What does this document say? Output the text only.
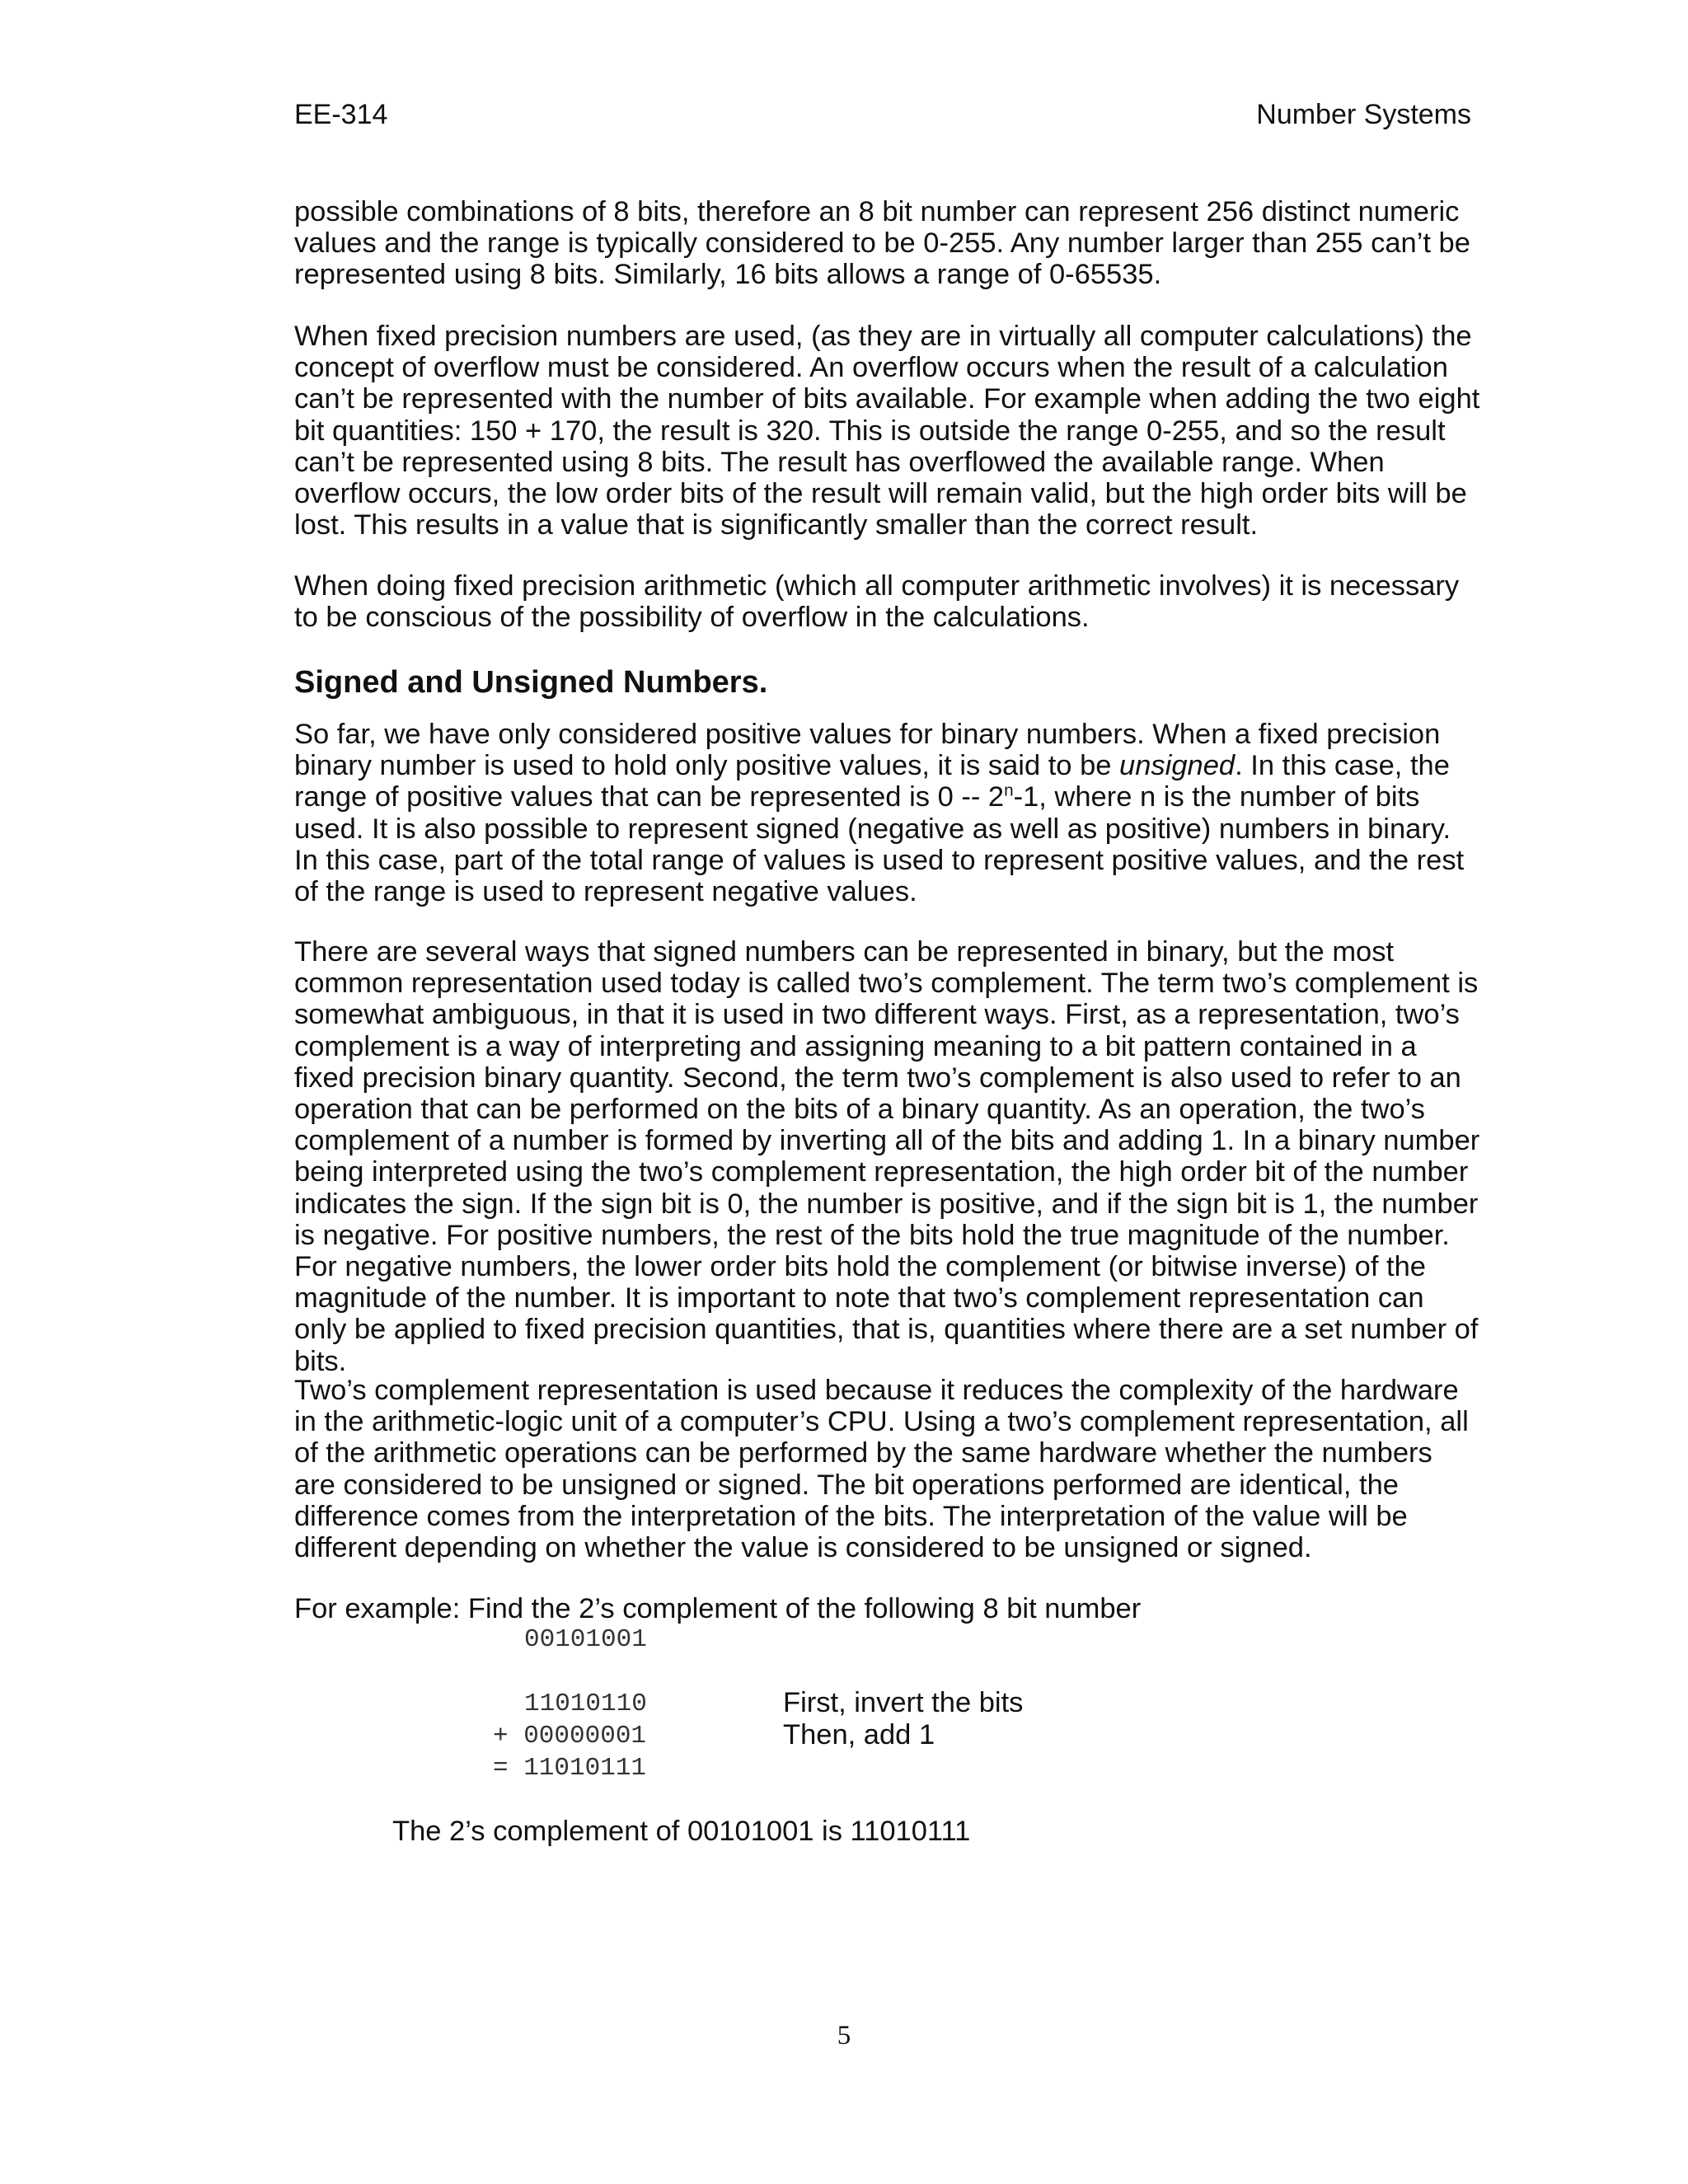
EE-314	Number Systems

possible combinations of 8 bits, therefore an 8 bit number can represent 256 distinct numeric values and the range is typically considered to be 0-255. Any number larger than 255 can’t be represented using 8 bits. Similarly, 16 bits allows a range of 0-65535.

When fixed precision numbers are used, (as they are in virtually all computer calculations) the concept of overflow must be considered. An overflow occurs when the result of a calculation can’t be represented with the number of bits available. For example when adding the two eight bit quantities: 150 + 170, the result is 320. This is outside the range 0-255, and so the result can’t be represented using 8 bits. The result has overflowed the available range. When overflow occurs, the low order bits of the result will remain valid, but the high order bits will be lost. This results in a value that is significantly smaller than the correct result.

When doing fixed precision arithmetic (which all computer arithmetic involves) it is necessary to be conscious of the possibility of overflow in the calculations.

Signed and Unsigned Numbers.

So far, we have only considered positive values for binary numbers. When a fixed precision binary number is used to hold only positive values, it is said to be unsigned. In this case, the range of positive values that can be represented is 0 -- 2$^n$-1, where n is the number of bits used. It is also possible to represent signed (negative as well as positive) numbers in binary. In this case, part of the total range of values is used to represent positive values, and the rest of the range is used to represent negative values.

There are several ways that signed numbers can be represented in binary, but the most common representation used today is called two’s complement. The term two’s complement is somewhat ambiguous, in that it is used in two different ways. First, as a representation, two’s complement is a way of interpreting and assigning meaning to a bit pattern contained in a fixed precision binary quantity. Second, the term two’s complement is also used to refer to an operation that can be performed on the bits of a binary quantity. As an operation, the two’s complement of a number is formed by inverting all of the bits and adding 1. In a binary number being interpreted using the two’s complement representation, the high order bit of the number indicates the sign. If the sign bit is 0, the number is positive, and if the sign bit is 1, the number is negative. For positive numbers, the rest of the bits hold the true magnitude of the number. For negative numbers, the lower order bits hold the complement (or bitwise inverse) of the magnitude of the number. It is important to note that two’s complement representation can only be applied to fixed precision quantities, that is, quantities where there are a set number of bits.

Two’s complement representation is used because it reduces the complexity of the hardware in the arithmetic-logic unit of a computer’s CPU. Using a two’s complement representation, all of the arithmetic operations can be performed by the same hardware whether the numbers are considered to be unsigned or signed. The bit operations performed are identical, the difference comes from the interpretation of the bits. The interpretation of the value will be different depending on whether the value is considered to be unsigned or signed.

For example: Find the 2’s complement of the following 8 bit number
00101001
11010110
+ 00000001
= 11010111
First, invert the bits
Then, add 1
The 2’s complement of 00101001 is 11010111
5
